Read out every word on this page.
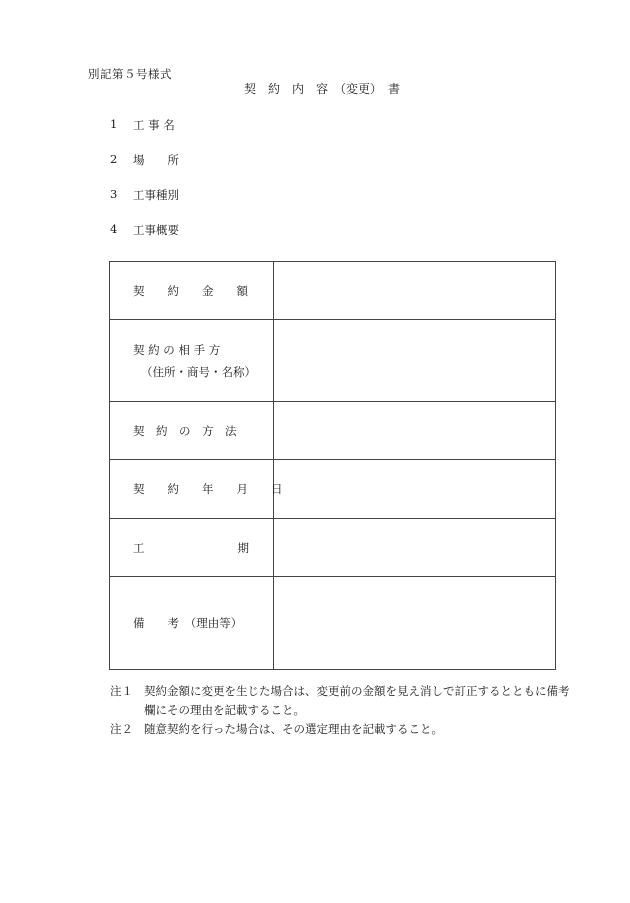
別記第５号様式
契　約　内　容　（変更）　書
1	工 事 名
2	場　　所
3	工事種別
4	工事概要
契　　約　　金　　額	

契 約 の 相 手 方
（住所・商号・名称）	

契　約　の　方　法	

契　　約　　年　　月　　日	

工 期	

備　　考　（理由等）	

注１ 契約金額に変更を生じた場合は、変更前の金額を見え消しで訂正するとともに備考欄にその理由を記載すること。
注２ 随意契約を行った場合は、その選定理由を記載すること。
